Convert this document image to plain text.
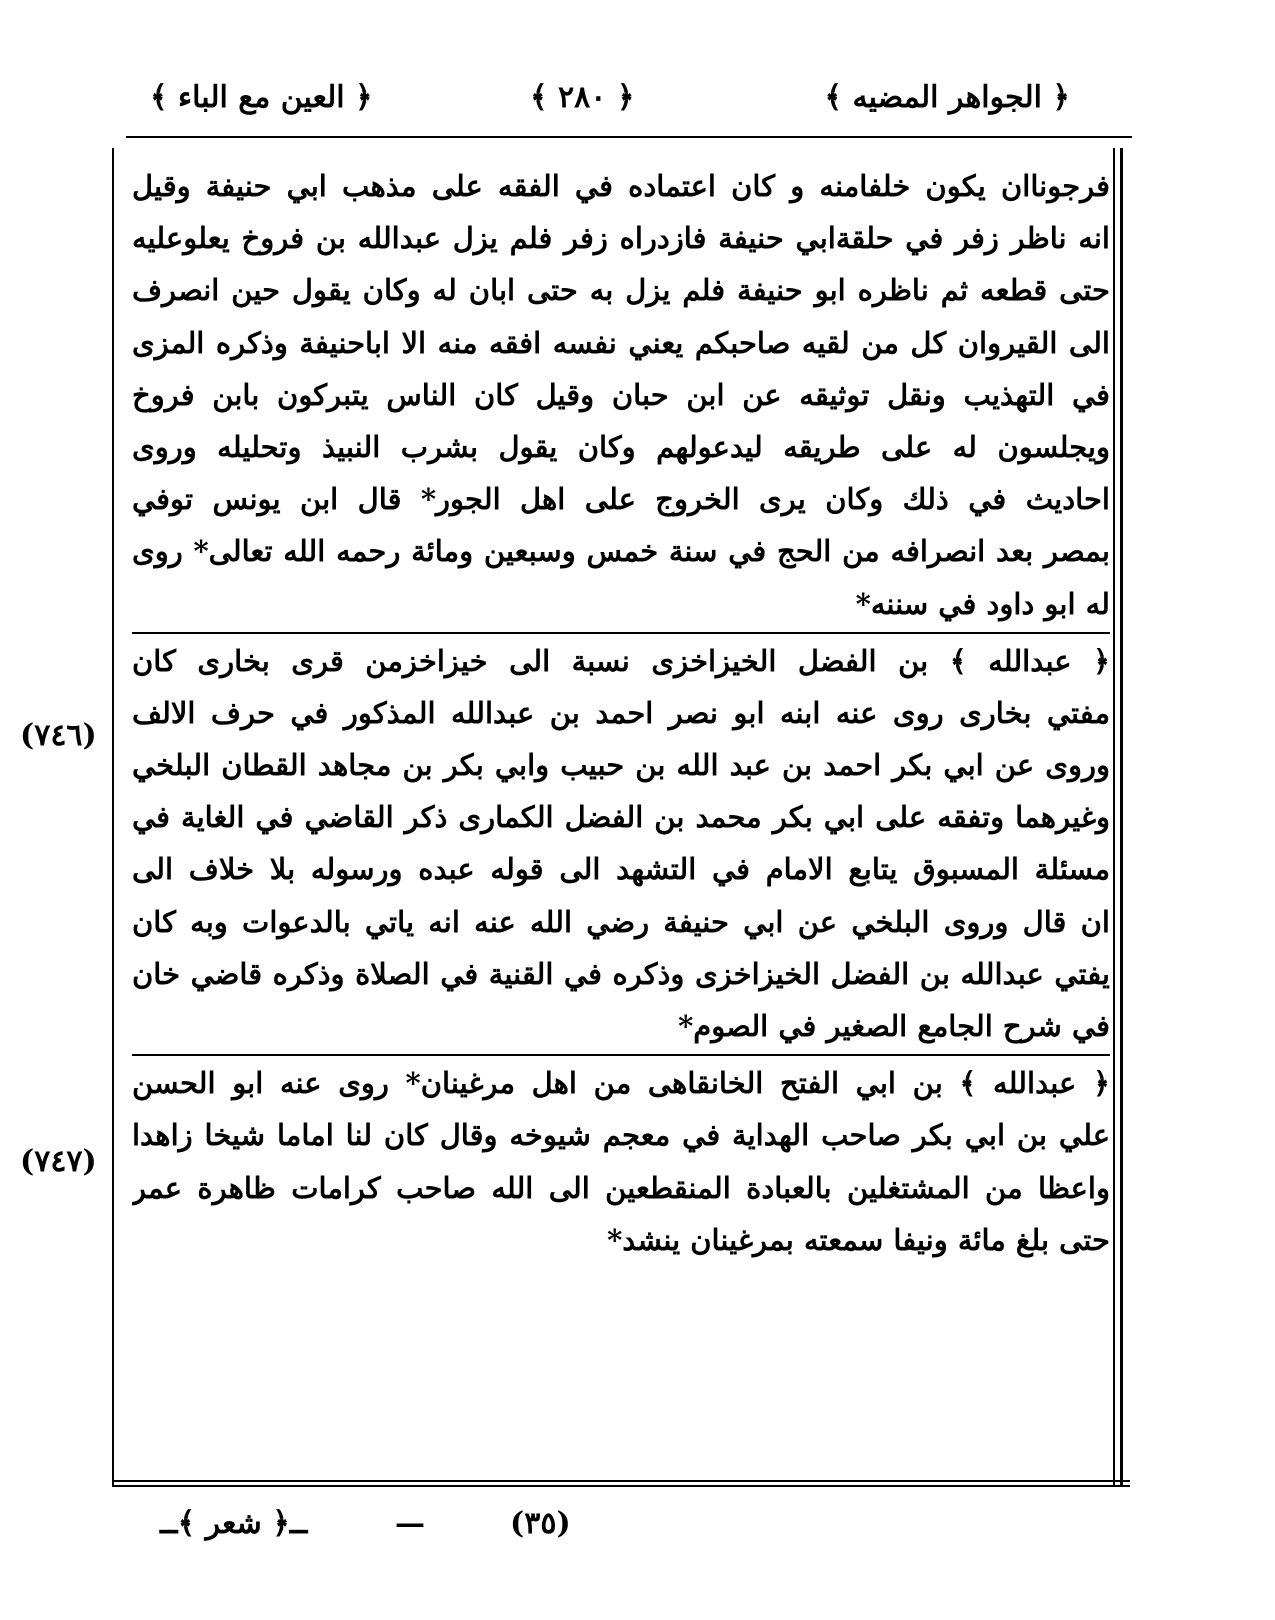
﴿ العين مع الباء ﴾	﴿ ٢٨٠ ﴾	﴿ الجواهر المضيه ﴾
فرجوناان يكون خلفامنه و كان اعتماده في الفقه على مذهب ابي حنيفة وقيل
انه ناظر زفر في حلقةابي حنيفة فازدراه زفر فلم يزل عبدالله بن فروخ يعلوعليه
حتى قطعه ثم ناظره ابو حنيفة فلم يزل به حتى ابان له وكان يقول حين انصرف
الى القيروان كل من لقيه صاحبكم يعني نفسه افقه منه الا اباحنيفة وذكره المزى
في التهذيب ونقل توثيقه عن ابن حبان وقيل كان الناس يتبركون بابن فروخ
ويجلسون له على طريقه ليدعولهم وكان يقول بشرب النبيذ وتحليله وروى
احاديث في ذلك وكان يرى الخروج على اهل الجور* قال ابن يونس توفي
بمصر بعد انصرافه من الحج في سنة خمس وسبعين ومائة رحمه الله تعالى* روى
له ابو داود في سننه*
﴿ عبدالله ﴾ بن الفضل الخيزاخزى نسبة الى خيزاخزمن قرى بخارى كان
مفتي بخارى روى عنه ابنه ابو نصر احمد بن عبدالله المذكور في حرف الالف
وروى عن ابي بكر احمد بن عبد الله بن حبيب وابي بكر بن مجاهد القطان البلخي
وغيرهما وتفقه على ابي بكر محمد بن الفضل الكمارى ذكر القاضي في الغاية في
مسئلة المسبوق يتابع الامام في التشهد الى قوله عبده ورسوله بلا خلاف الى
ان قال وروى البلخي عن ابي حنيفة رضي الله عنه انه ياتي بالدعوات وبه كان
يفتي عبدالله بن الفضل الخيزاخزى وذكره في القنية في الصلاة وذكره قاضي خان
في شرح الجامع الصغير في الصوم*
﴿ عبدالله ﴾ بن ابي الفتح الخانقاهى من اهل مرغينان* روى عنه ابو الحسن
علي بن ابي بكر صاحب الهداية في معجم شيوخه وقال كان لنا اماما شيخا زاهدا
واعظا من المشتغلين بالعبادة المنقطعين الى الله صاحب كرامات ظاهرة عمر
حتى بلغ مائة ونيفا سمعته بمرغينان ينشد*
(٧٤٦)
(٧٤٧)
ــ﴿ شعر ﴾ــ	—	(٣٥)
